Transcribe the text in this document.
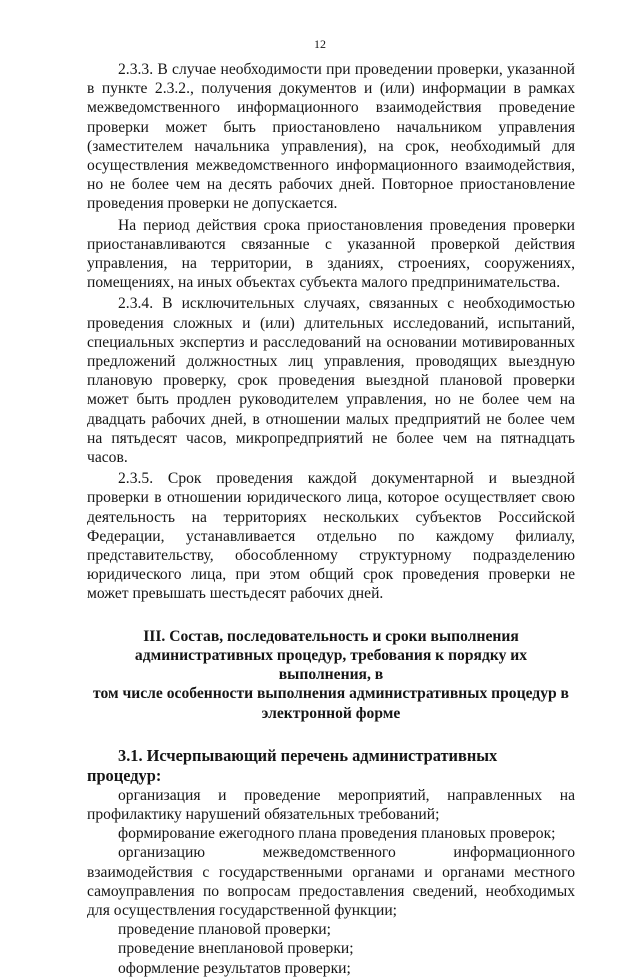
12

2.3.3. В случае необходимости при проведении проверки, указанной в пункте 2.3.2., получения документов и (или) информации в рамках межведомственного информационного взаимодействия проведение проверки может быть приостановлено начальником управления (заместителем начальника управления), на срок, необходимый для осуществления межведомственного информационного взаимодействия, но не более чем на десять рабочих дней. Повторное приостановление проведения проверки не допускается.

На период действия срока приостановления проведения проверки приостанавливаются связанные с указанной проверкой действия управления, на территории, в зданиях, строениях, сооружениях, помещениях, на иных объектах субъекта малого предпринимательства.

2.3.4. В исключительных случаях, связанных с необходимостью проведения сложных и (или) длительных исследований, испытаний, специальных экспертиз и расследований на основании мотивированных предложений должностных лиц управления, проводящих выездную плановую проверку, срок проведения выездной плановой проверки может быть продлен руководителем управления, но не более чем на двадцать рабочих дней, в отношении малых предприятий не более чем на пятьдесят часов, микропредприятий не более чем на пятнадцать часов.

2.3.5. Срок проведения каждой документарной и выездной проверки в отношении юридического лица, которое осуществляет свою деятельность на территориях нескольких субъектов Российской Федерации, устанавливается отдельно по каждому филиалу, представительству, обособленному структурному подразделению юридического лица, при этом общий срок проведения проверки не может превышать шестьдесят рабочих дней.

III. Состав, последовательность и сроки выполнения
административных процедур, требования к порядку их выполнения, в
том числе особенности выполнения административных процедур в
электронной форме
3.1. Исчерпывающий перечень административных процедур:

организация и проведение мероприятий, направленных на профилактику нарушений обязательных требований;

формирование ежегодного плана проведения плановых проверок;

организацию межведомственного информационного взаимодействия с государственными органами и органами местного самоуправления по вопросам предоставления сведений, необходимых для осуществления государственной функции;

проведение плановой проверки;

проведение внеплановой проверки;

оформление результатов проверки;
